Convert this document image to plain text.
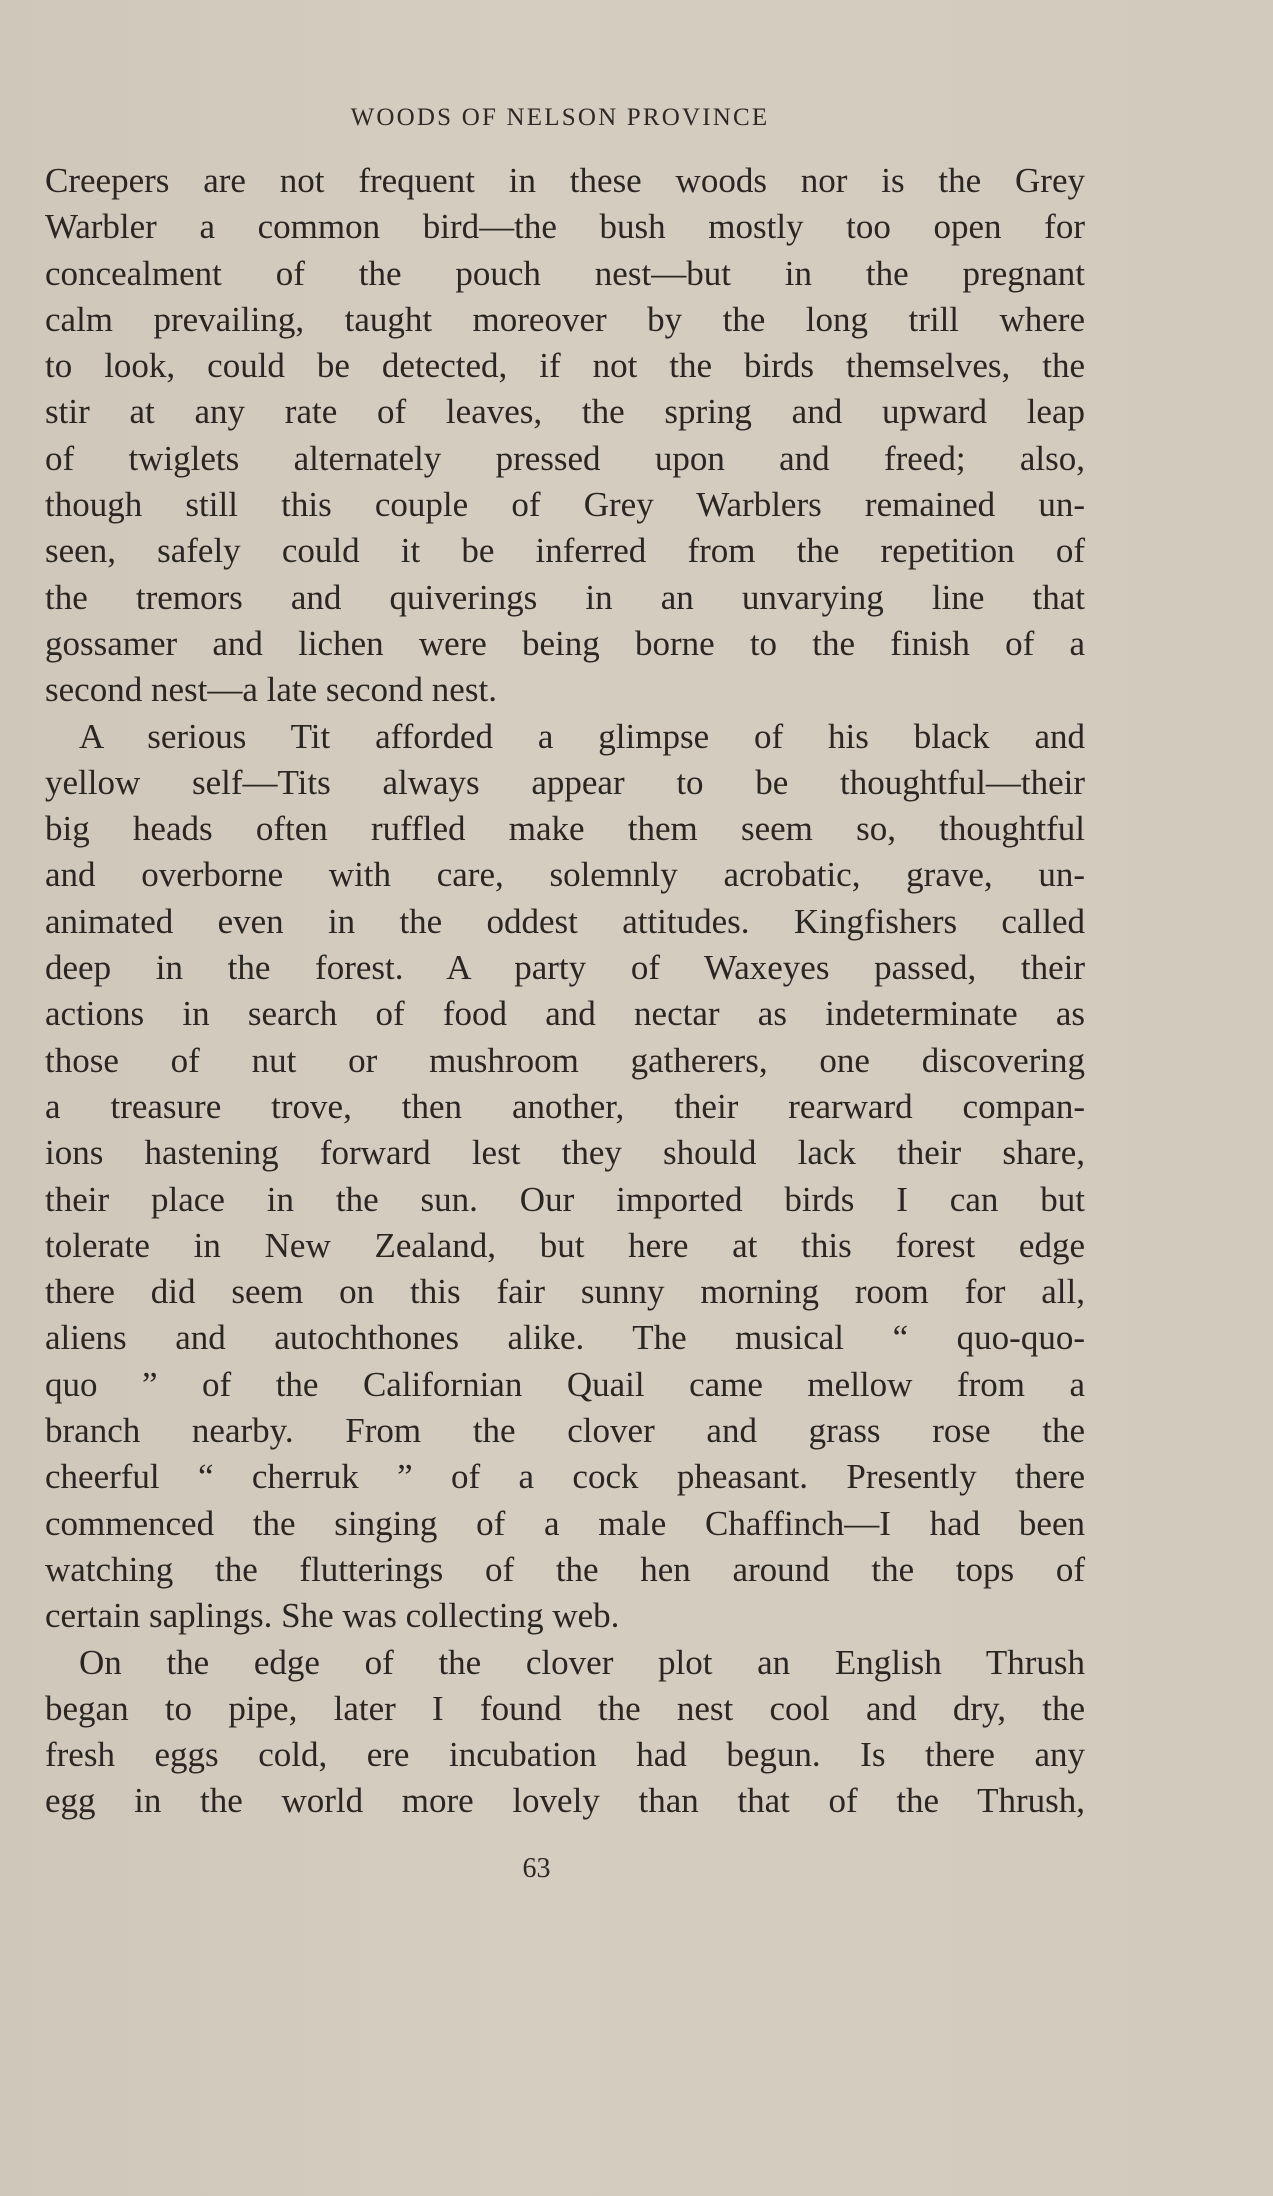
WOODS OF NELSON PROVINCE
Creepers are not frequent in these woods nor is the Grey
Warbler a common bird—the bush mostly too open for
concealment of the pouch nest—but in the pregnant
calm prevailing, taught moreover by the long trill where
to look, could be detected, if not the birds themselves, the
stir at any rate of leaves, the spring and upward leap
of twiglets alternately pressed upon and freed; also,
though still this couple of Grey Warblers remained un-
seen, safely could it be inferred from the repetition of
the tremors and quiverings in an unvarying line that
gossamer and lichen were being borne to the finish of a
second nest—a late second nest.
A serious Tit afforded a glimpse of his black and
yellow self—Tits always appear to be thoughtful—their
big heads often ruffled make them seem so, thoughtful
and overborne with care, solemnly acrobatic, grave, un-
animated even in the oddest attitudes. Kingfishers called
deep in the forest. A party of Waxeyes passed, their
actions in search of food and nectar as indeterminate as
those of nut or mushroom gatherers, one discovering
a treasure trove, then another, their rearward compan-
ions hastening forward lest they should lack their share,
their place in the sun. Our imported birds I can but
tolerate in New Zealand, but here at this forest edge
there did seem on this fair sunny morning room for all,
aliens and autochthones alike. The musical “ quo-quo-
quo ” of the Californian Quail came mellow from a
branch nearby. From the clover and grass rose the
cheerful “ cherruk ” of a cock pheasant. Presently there
commenced the singing of a male Chaffinch—I had been
watching the flutterings of the hen around the tops of
certain saplings. She was collecting web.
On the edge of the clover plot an English Thrush
began to pipe, later I found the nest cool and dry, the
fresh eggs cold, ere incubation had begun. Is there any
egg in the world more lovely than that of the Thrush,
63
